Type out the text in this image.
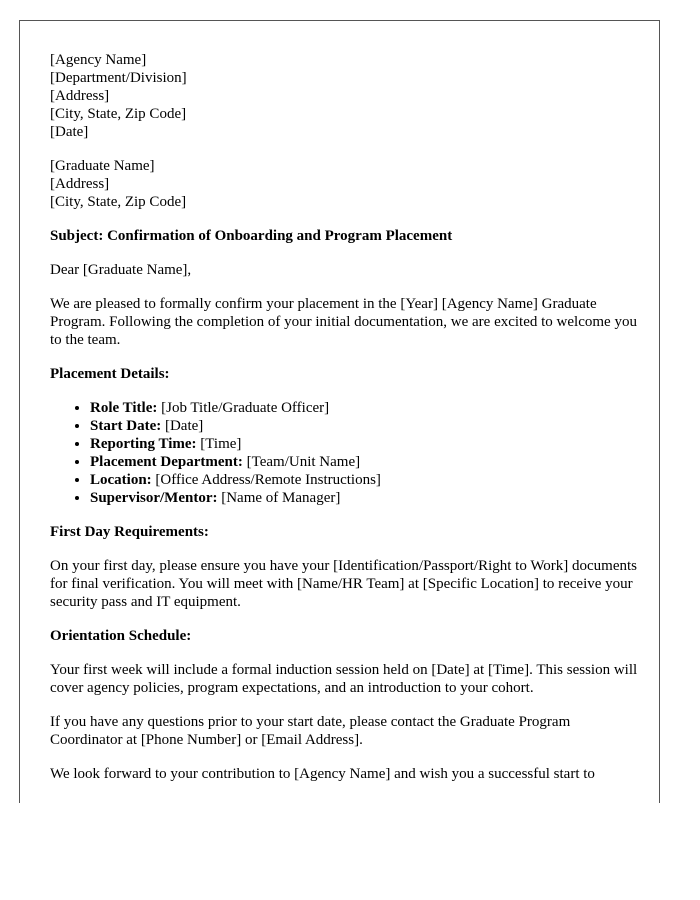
[Agency Name]
[Department/Division]
[Address]
[City, State, Zip Code]
[Date]
[Graduate Name]
[Address]
[City, State, Zip Code]
Subject: Confirmation of Onboarding and Program Placement

Dear [Graduate Name],

We are pleased to formally confirm your placement in the [Year] [Agency Name] Graduate Program. Following the completion of your initial documentation, we are excited to welcome you to the team.

Placement Details:
• Role Title: [Job Title/Graduate Officer]
• Start Date: [Date]
• Reporting Time: [Time]
• Placement Department: [Team/Unit Name]
• Location: [Office Address/Remote Instructions]
• Supervisor/Mentor: [Name of Manager]
First Day Requirements:

On your first day, please ensure you have your [Identification/Passport/Right to Work] documents for final verification. You will meet with [Name/HR Team] at [Specific Location] to receive your security pass and IT equipment.

Orientation Schedule:

Your first week will include a formal induction session held on [Date] at [Time]. This session will cover agency policies, program expectations, and an introduction to your cohort.

If you have any questions prior to your start date, please contact the Graduate Program Coordinator at [Phone Number] or [Email Address].

We look forward to your contribution to [Agency Name] and wish you a successful start to
